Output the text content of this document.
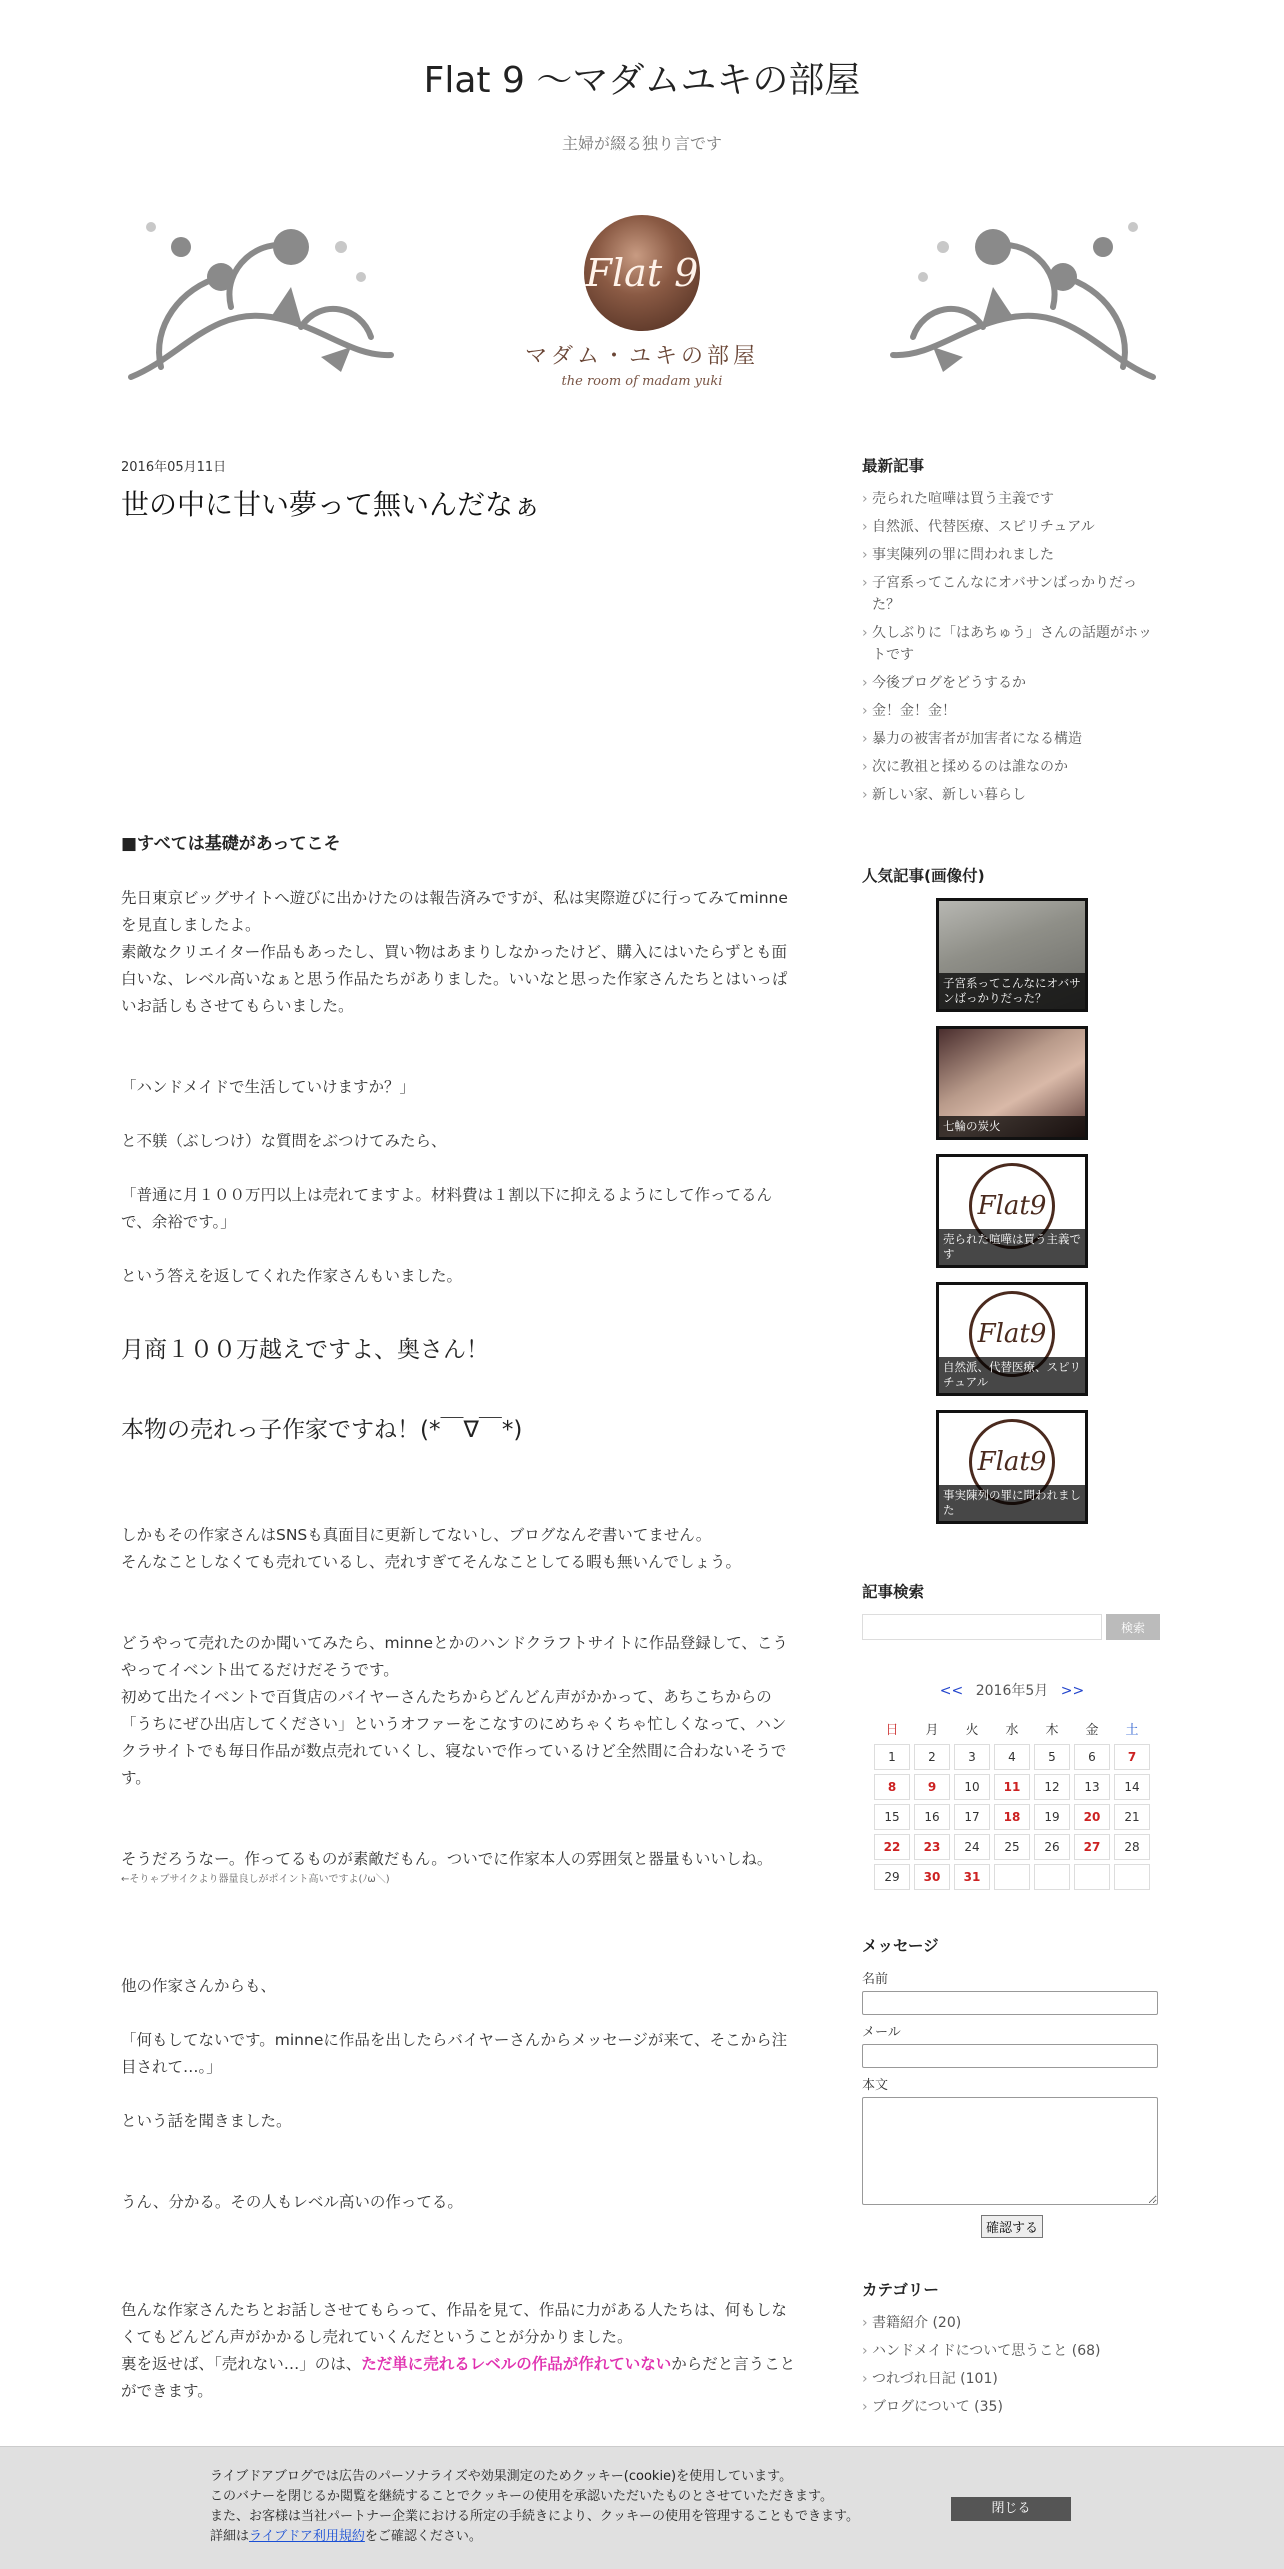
Flat 9 〜マダムユキの部屋
主婦が綴る独り言です
Flat 9
マダム・ユキの部屋
the room of madam yuki
2016年05月11日
世の中に甘い夢って無いんだなぁ

■すべては基礎があってこそ

先日東京ビッグサイトへ遊びに出かけたのは報告済みですが、私は実際遊びに行ってみてminneを見直しましたよ。

素敵なクリエイター作品もあったし、買い物はあまりしなかったけど、購入にはいたらずとも面白いな、レベル高いなぁと思う作品たちがありました。いいなと思った作家さんたちとはいっぱいお話しもさせてもらいました。

「ハンドメイドで生活していけますか？」

と不躾（ぶしつけ）な質問をぶつけてみたら、

「普通に月１００万円以上は売れてますよ。材料費は１割以下に抑えるようにして作ってるんで、余裕です。」

という答えを返してくれた作家さんもいました。

月商１００万越えですよ、奥さん！

本物の売れっ子作家ですね！(*￣∇￣*)

しかもその作家さんはSNSも真面目に更新してないし、ブログなんぞ書いてません。

そんなことしなくても売れているし、売れすぎてそんなことしてる暇も無いんでしょう。

どうやって売れたのか聞いてみたら、minneとかのハンドクラフトサイトに作品登録して、こうやってイベント出てるだけだそうです。

初めて出たイベントで百貨店のバイヤーさんたちからどんどん声がかかって、あちこちからの「うちにぜひ出店してください」というオファーをこなすのにめちゃくちゃ忙しくなって、ハンクラサイトでも毎日作品が数点売れていくし、寝ないで作っているけど全然間に合わないそうです。

そうだろうなー。作ってるものが素敵だもん。ついでに作家本人の雰囲気と器量もいいしね。

←そりゃブサイクより器量良しがポイント高いですよ(ﾉω＼)

他の作家さんからも、

「何もしてないです。minneに作品を出したらバイヤーさんからメッセージが来て、そこから注目されて…。」

という話を聞きました。

うん、分かる。その人もレベル高いの作ってる。

色んな作家さんたちとお話しさせてもらって、作品を見て、作品に力がある人たちは、何もしなくてもどんどん声がかかるし売れていくんだということが分かりました。

裏を返せば、「売れない…」のは、ただ単に売れるレベルの作品が作れていないからだと言うことができます。

最新記事
› 売られた喧嘩は買う主義です
› 自然派、代替医療、スピリチュアル
› 事実陳列の罪に問われました
› 子宮系ってこんなにオバサンばっかりだった？
› 久しぶりに「はあちゅう」さんの話題がホットです
› 今後ブログをどうするか
› 金！金！金！
› 暴力の被害者が加害者になる構造
› 次に教祖と揉めるのは誰なのか
› 新しい家、新しい暮らし
人気記事(画像付)
子宮系ってこんなにオバサンばっかりだった？
七輪の炭火
Flat9
売られた喧嘩は買う主義です
Flat9
自然派、代替医療、スピリチュアル
Flat9
事実陳列の罪に問われました
記事検索
検索
<< 2016年5月 >>
日	月	火	水	木	金	土
1	2	3	4	5	6	7
8	9	10	11	12	13	14
15	16	17	18	19	20	21
22	23	24	25	26	27	28
29	30	31				
メッセージ
名前
メール
本文
確認する
カテゴリー
› 書籍紹介 (20)
› ハンドメイドについて思うこと (68)
› つれづれ日記 (101)
› ブログについて (35)
ライブドアブログでは広告のパーソナライズや効果測定のためクッキー(cookie)を使用しています。
このバナーを閉じるか閲覧を継続することでクッキーの使用を承認いただいたものとさせていただきます。
また、お客様は当社パートナー企業における所定の手続きにより、クッキーの使用を管理することもできます。
詳細はライブドア利用規約をご確認ください。
閉じる
